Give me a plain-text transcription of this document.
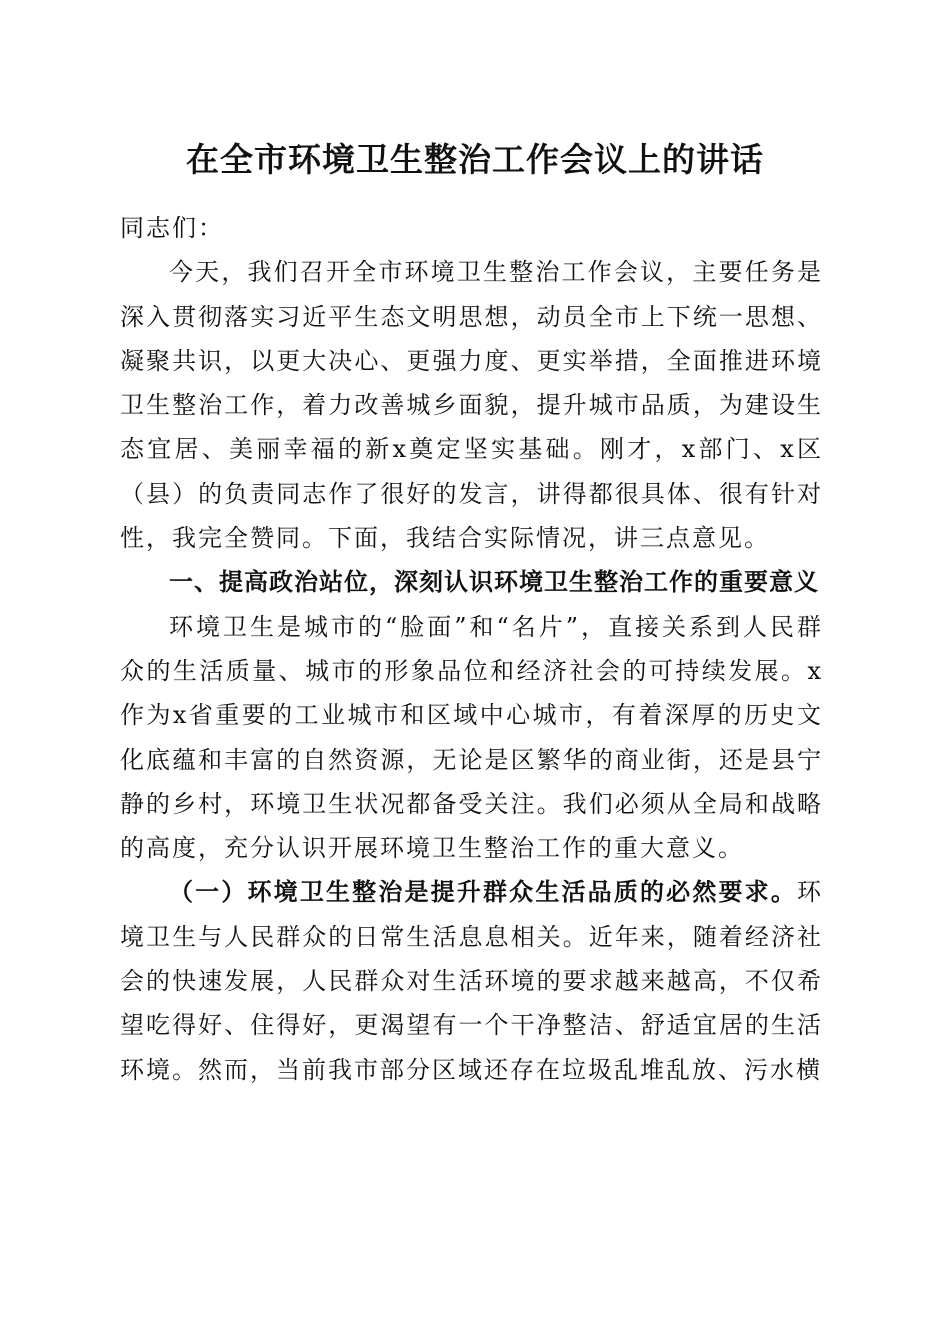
在全市环境卫生整治工作会议上的讲话

同志们：

今天，我们召开全市环境卫生整治工作会议，主要任务是深入贯彻落实习近平生态文明思想，动员全市上下统一思想、凝聚共识，以更大决心、更强力度、更实举措，全面推进环境卫生整治工作，着力改善城乡面貌，提升城市品质，为建设生态宜居、美丽幸福的新x奠定坚实基础。刚才，x部门、x区（县）的负责同志作了很好的发言，讲得都很具体、很有针对性，我完全赞同。下面，我结合实际情况，讲三点意见。

一、提高政治站位，深刻认识环境卫生整治工作的重要意义

环境卫生是城市的“脸面”和“名片”，直接关系到人民群众的生活质量、城市的形象品位和经济社会的可持续发展。x作为x省重要的工业城市和区域中心城市，有着深厚的历史文化底蕴和丰富的自然资源，无论是区繁华的商业街，还是县宁静的乡村，环境卫生状况都备受关注。我们必须从全局和战略的高度，充分认识开展环境卫生整治工作的重大意义。

（一）环境卫生整治是提升群众生活品质的必然要求。环境卫生与人民群众的日常生活息息相关。近年来，随着经济社会的快速发展，人民群众对生活环境的要求越来越高，不仅希望吃得好、住得好，更渴望有一个干净整洁、舒适宜居的生活环境。然而，当前我市部分区域还存在垃圾乱堆乱放、污水横
